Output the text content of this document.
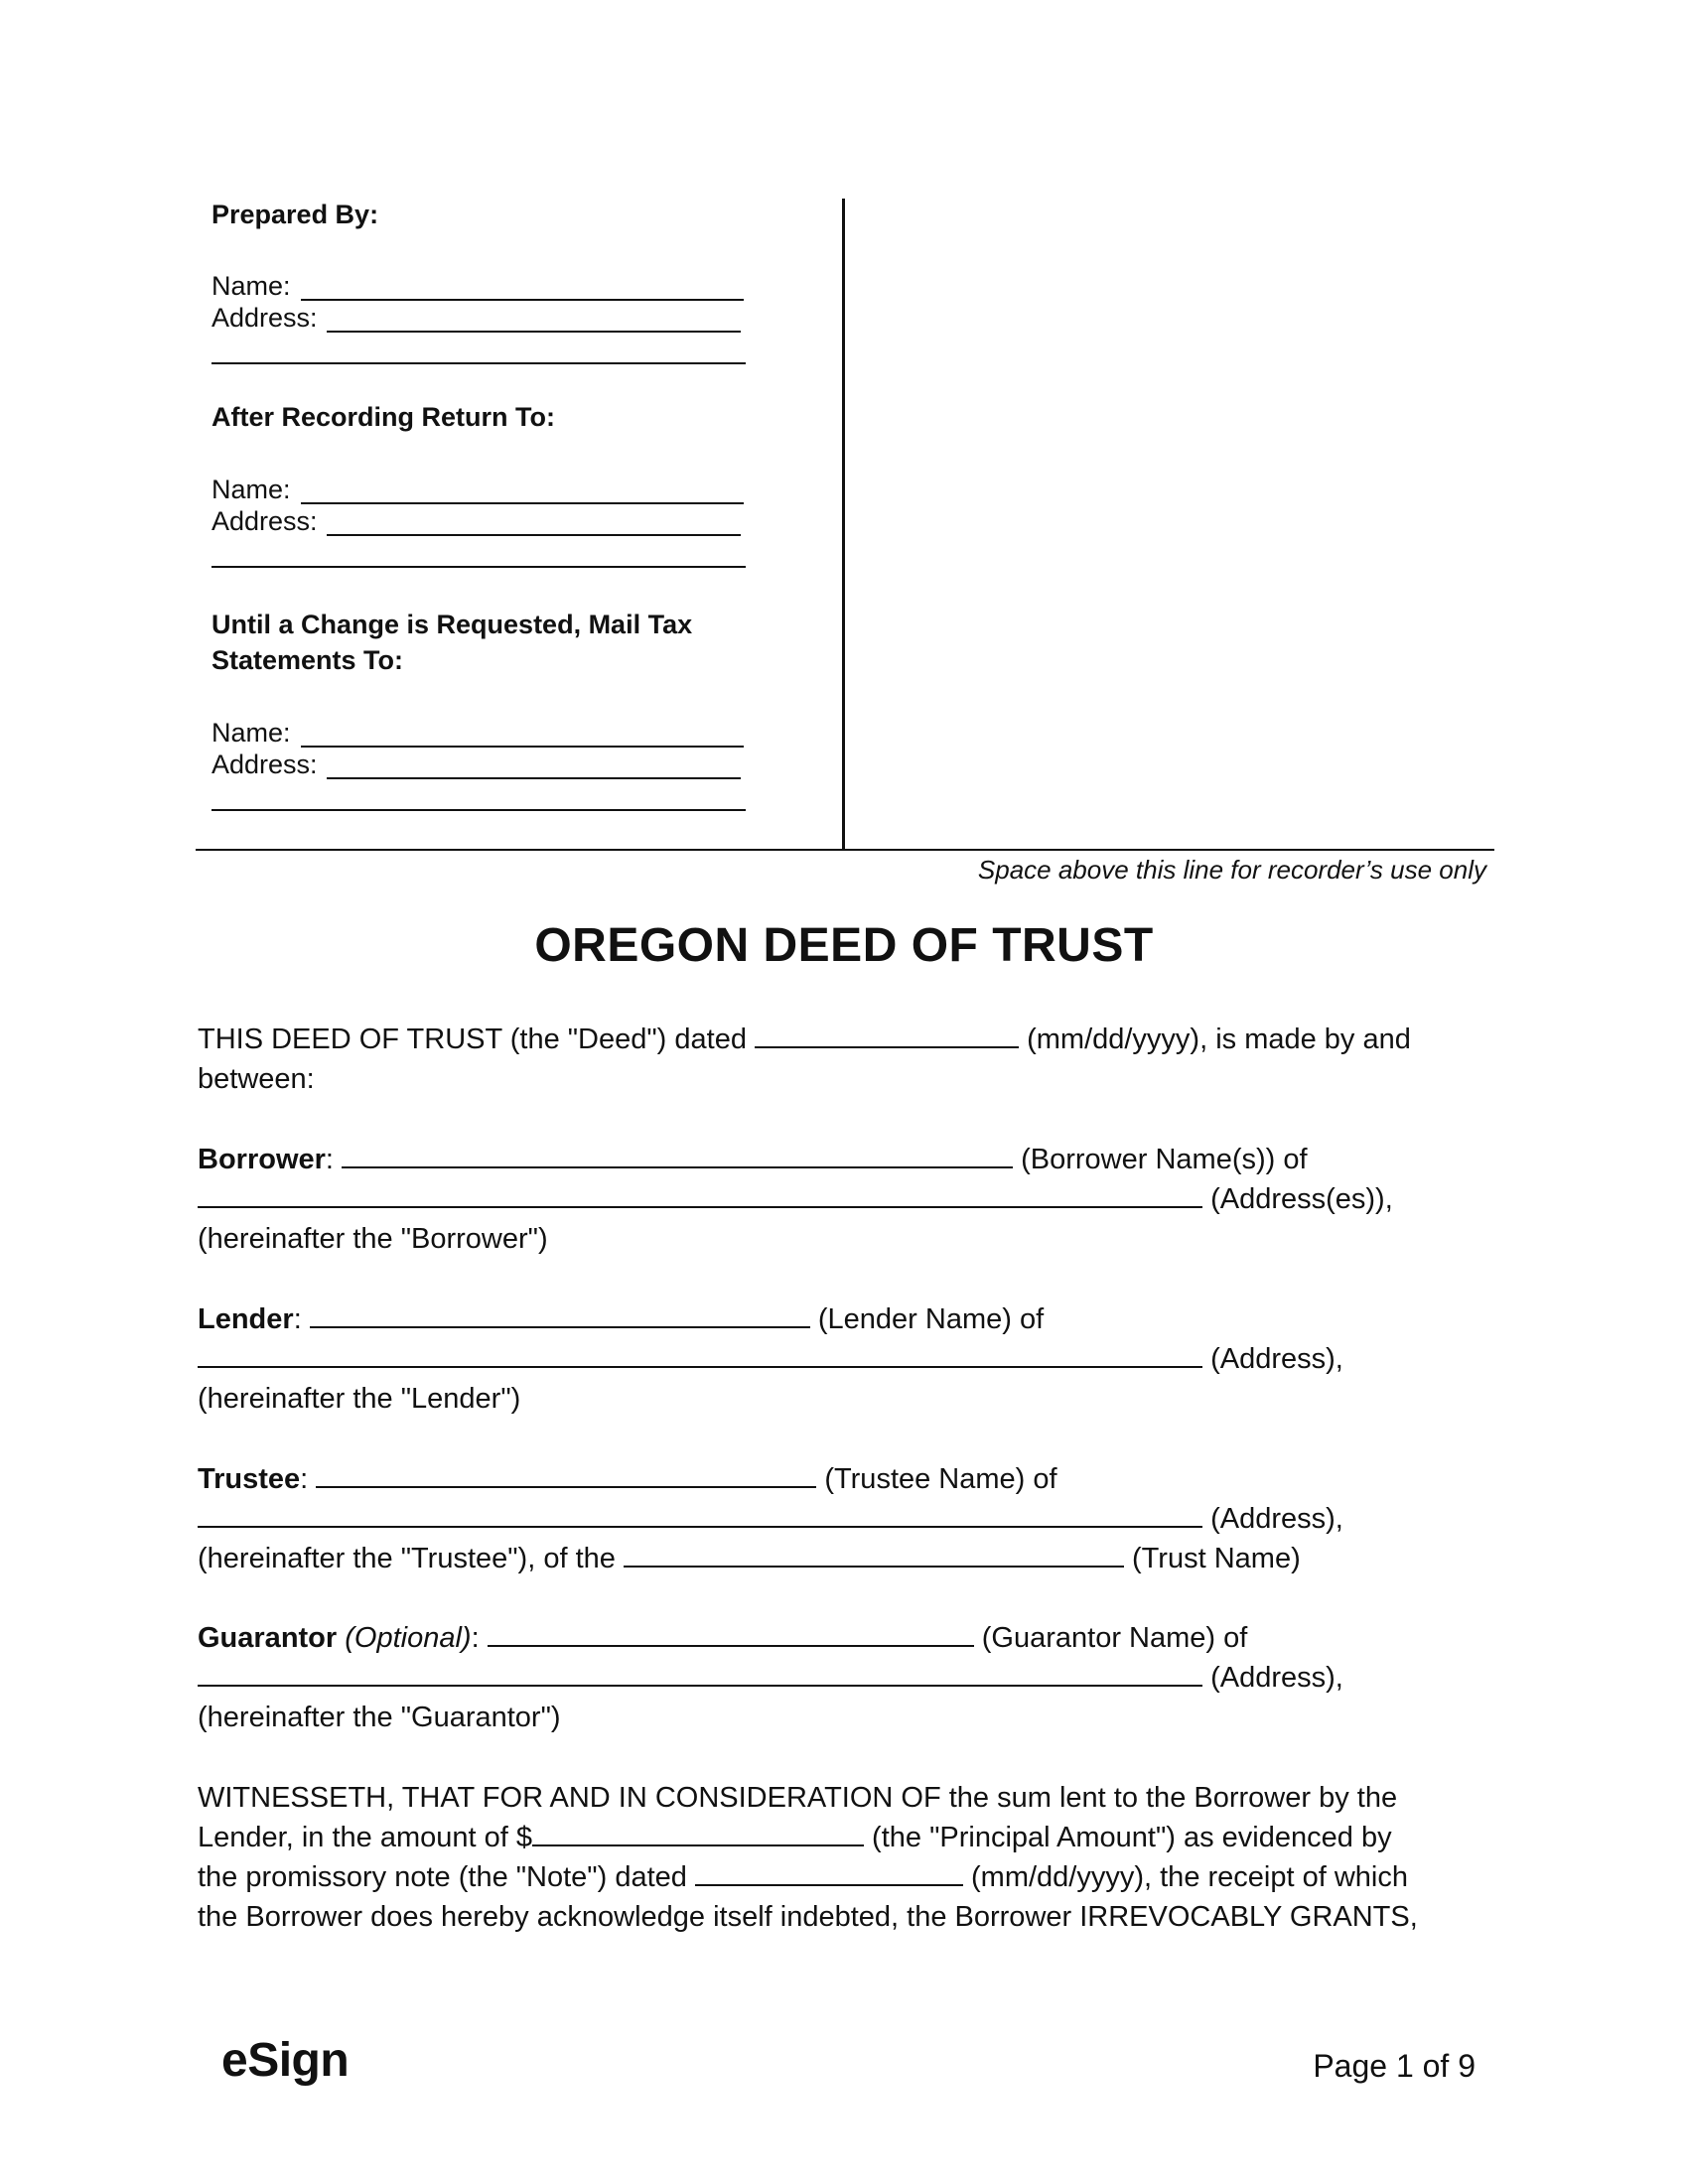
Prepared By:
Name:
Address:
After Recording Return To:
Name:
Address:
Until a Change is Requested, Mail Tax
Statements To:
Name:
Address:
Space above this line for recorder’s use only
OREGON DEED OF TRUST
THIS DEED OF TRUST (the "Deed") dated	(mm/dd/yyyy), is made by and
between:
Borrower:	(Borrower Name(s)) of
(Address(es)),
(hereinafter the "Borrower")
Lender:	(Lender Name) of
(Address),
(hereinafter the "Lender")
Trustee:	(Trustee Name) of
(Address),
(hereinafter the "Trustee"), of the	(Trust Name)
Guarantor (Optional):	(Guarantor Name) of
(Address),
(hereinafter the "Guarantor")
WITNESSETH, THAT FOR AND IN CONSIDERATION OF the sum lent to the Borrower by the
Lender, in the amount of $	(the "Principal Amount") as evidenced by
the promissory note (the "Note") dated	(mm/dd/yyyy), the receipt of which
the Borrower does hereby acknowledge itself indebted, the Borrower IRREVOCABLY GRANTS,
eSign	Page 1 of 9
